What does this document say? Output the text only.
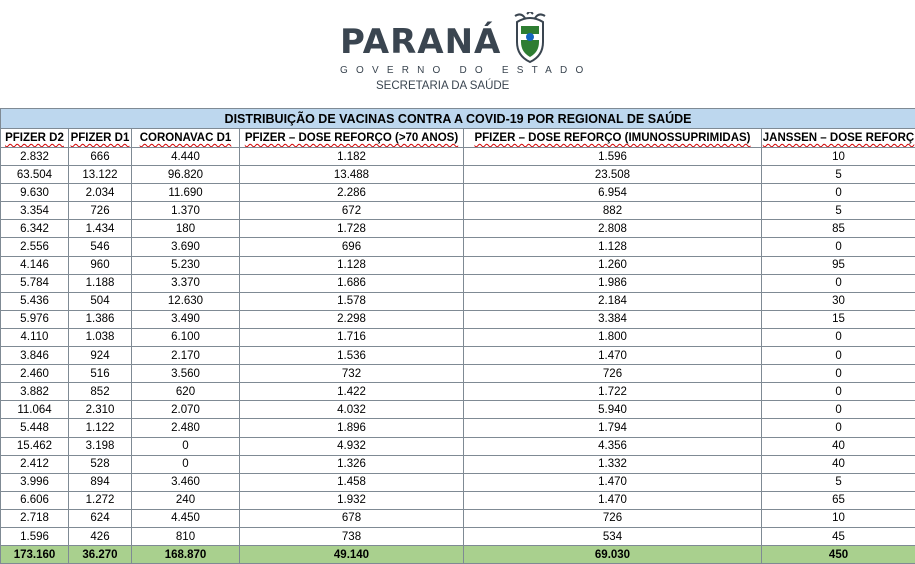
PARANÁ
GOVERNO DO ESTADO
SECRETARIA DA SAÚDE
DISTRIBUIÇÃO DE VACINAS CONTRA A COVID-19 POR REGIONAL DE SAÚDE					
PFIZER D2	PFIZER D1	CORONAVAC D1	PFIZER – DOSE REFORÇO (>70 ANOS)	PFIZER – DOSE REFORÇO (IMUNOSSUPRIMIDAS)	JANSSEN – DOSE REFORÇ
2.832	666	4.440	1.182	1.596	10
63.504	13.122	96.820	13.488	23.508	5
9.630	2.034	11.690	2.286	6.954	0
3.354	726	1.370	672	882	5
6.342	1.434	180	1.728	2.808	85
2.556	546	3.690	696	1.128	0
4.146	960	5.230	1.128	1.260	95
5.784	1.188	3.370	1.686	1.986	0
5.436	504	12.630	1.578	2.184	30
5.976	1.386	3.490	2.298	3.384	15
4.110	1.038	6.100	1.716	1.800	0
3.846	924	2.170	1.536	1.470	0
2.460	516	3.560	732	726	0
3.882	852	620	1.422	1.722	0
11.064	2.310	2.070	4.032	5.940	0
5.448	1.122	2.480	1.896	1.794	0
15.462	3.198	0	4.932	4.356	40
2.412	528	0	1.326	1.332	40
3.996	894	3.460	1.458	1.470	5
6.606	1.272	240	1.932	1.470	65
2.718	624	4.450	678	726	10
1.596	426	810	738	534	45
173.160	36.270	168.870	49.140	69.030	450
